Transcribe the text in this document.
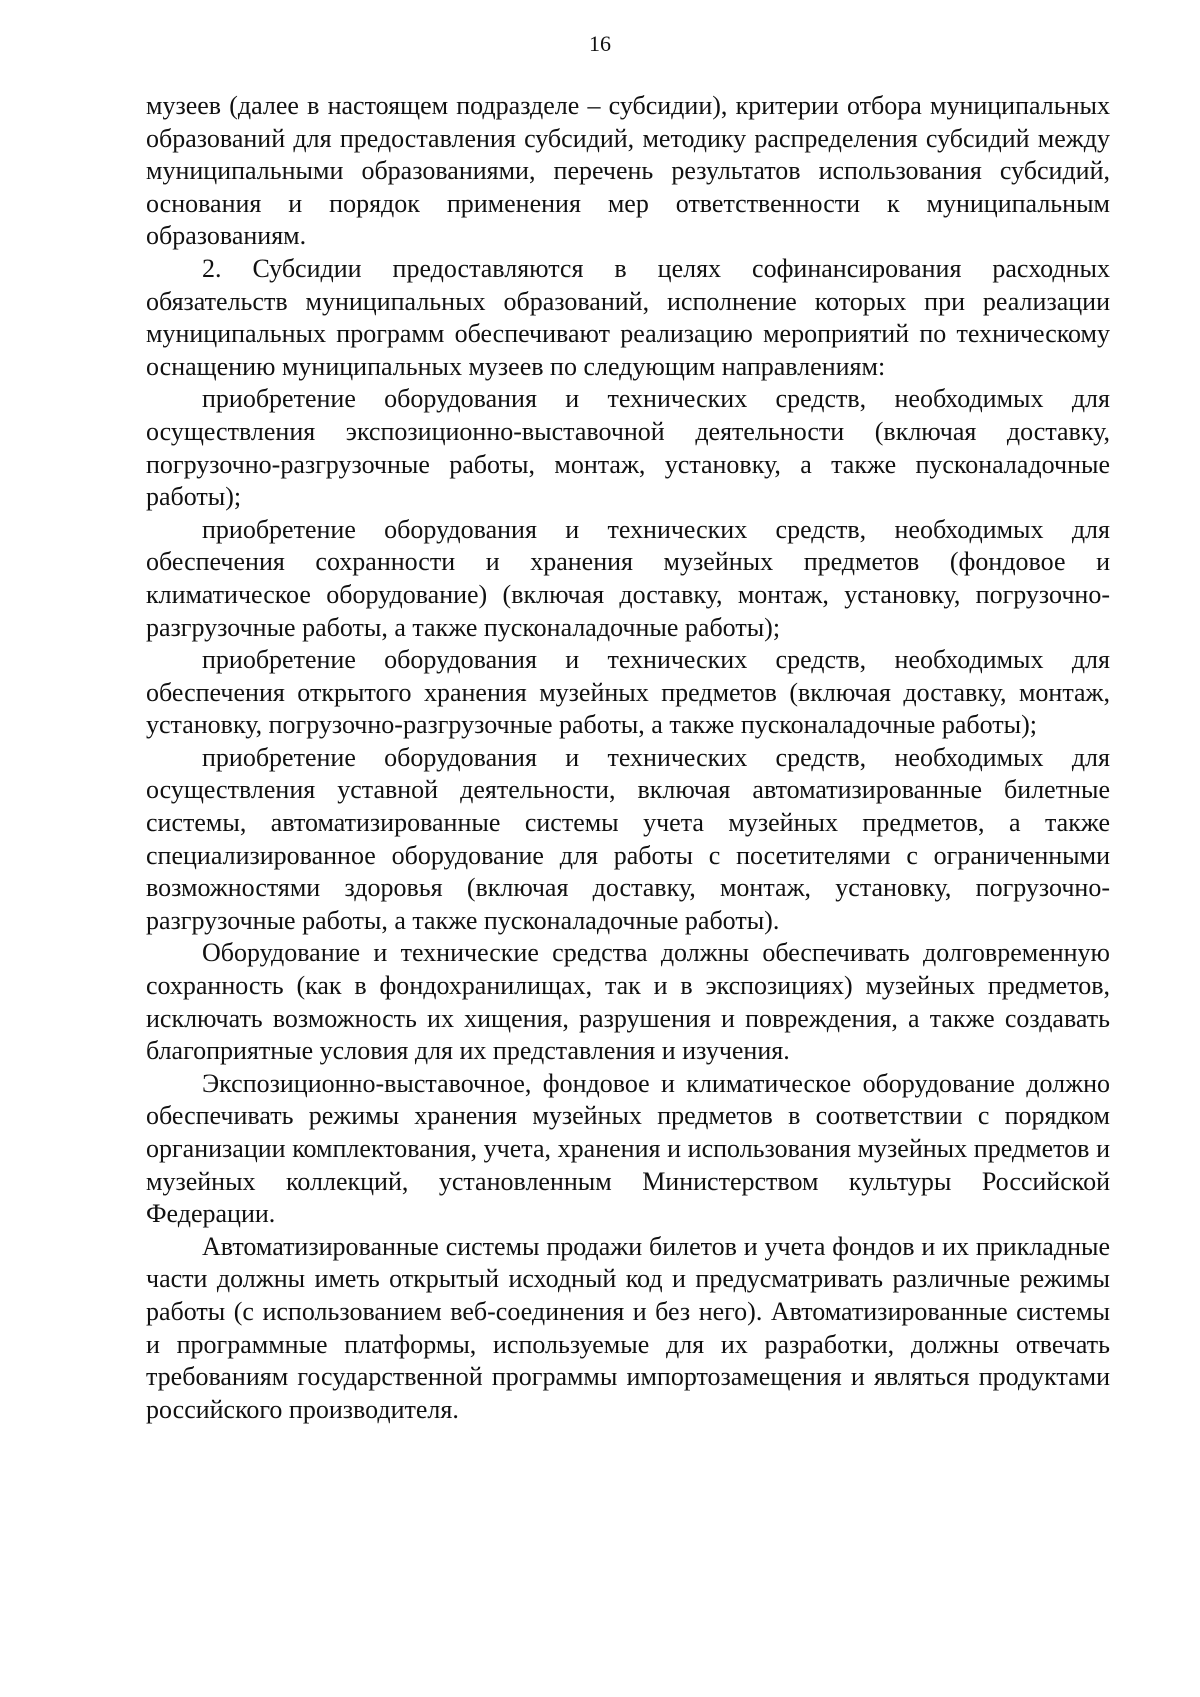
16

музеев (далее в настоящем подразделе – субсидии), критерии отбора муниципальных образований для предоставления субсидий, методику распределения субсидий между муниципальными образованиями, перечень результатов использования субсидий, основания и порядок применения мер ответственности к муниципальным образованиям.

2. Субсидии предоставляются в целях софинансирования расходных обязательств муниципальных образований, исполнение которых при реализации муниципальных программ обеспечивают реализацию мероприятий по техническому оснащению муниципальных музеев по следующим направлениям:

приобретение оборудования и технических средств, необходимых для осуществления экспозиционно-выставочной деятельности (включая доставку, погрузочно-разгрузочные работы, монтаж, установку, а также пусконаладочные работы);

приобретение оборудования и технических средств, необходимых для обеспечения сохранности и хранения музейных предметов (фондовое и климатическое оборудование) (включая доставку, монтаж, установку, погрузочно-разгрузочные работы, а также пусконаладочные работы);

приобретение оборудования и технических средств, необходимых для обеспечения открытого хранения музейных предметов (включая доставку, монтаж, установку, погрузочно-разгрузочные работы, а также пусконаладочные работы);

приобретение оборудования и технических средств, необходимых для осуществления уставной деятельности, включая автоматизированные билетные системы, автоматизированные системы учета музейных предметов, а также специализированное оборудование для работы с посетителями с ограниченными возможностями здоровья (включая доставку, монтаж, установку, погрузочно-разгрузочные работы, а также пусконаладочные работы).

Оборудование и технические средства должны обеспечивать долговременную сохранность (как в фондохранилищах, так и в экспозициях) музейных предметов, исключать возможность их хищения, разрушения и повреждения, а также создавать благоприятные условия для их представления и изучения.

Экспозиционно-выставочное, фондовое и климатическое оборудование должно обеспечивать режимы хранения музейных предметов в соответствии с порядком организации комплектования, учета, хранения и использования музейных предметов и музейных коллекций, установленным Министерством культуры Российской Федерации.

Автоматизированные системы продажи билетов и учета фондов и их прикладные части должны иметь открытый исходный код и предусматривать различные режимы работы (с использованием веб-соединения и без него). Автоматизированные системы и программные платформы, используемые для их разработки, должны отвечать требованиям государственной программы импортозамещения и являться продуктами российского производителя.
